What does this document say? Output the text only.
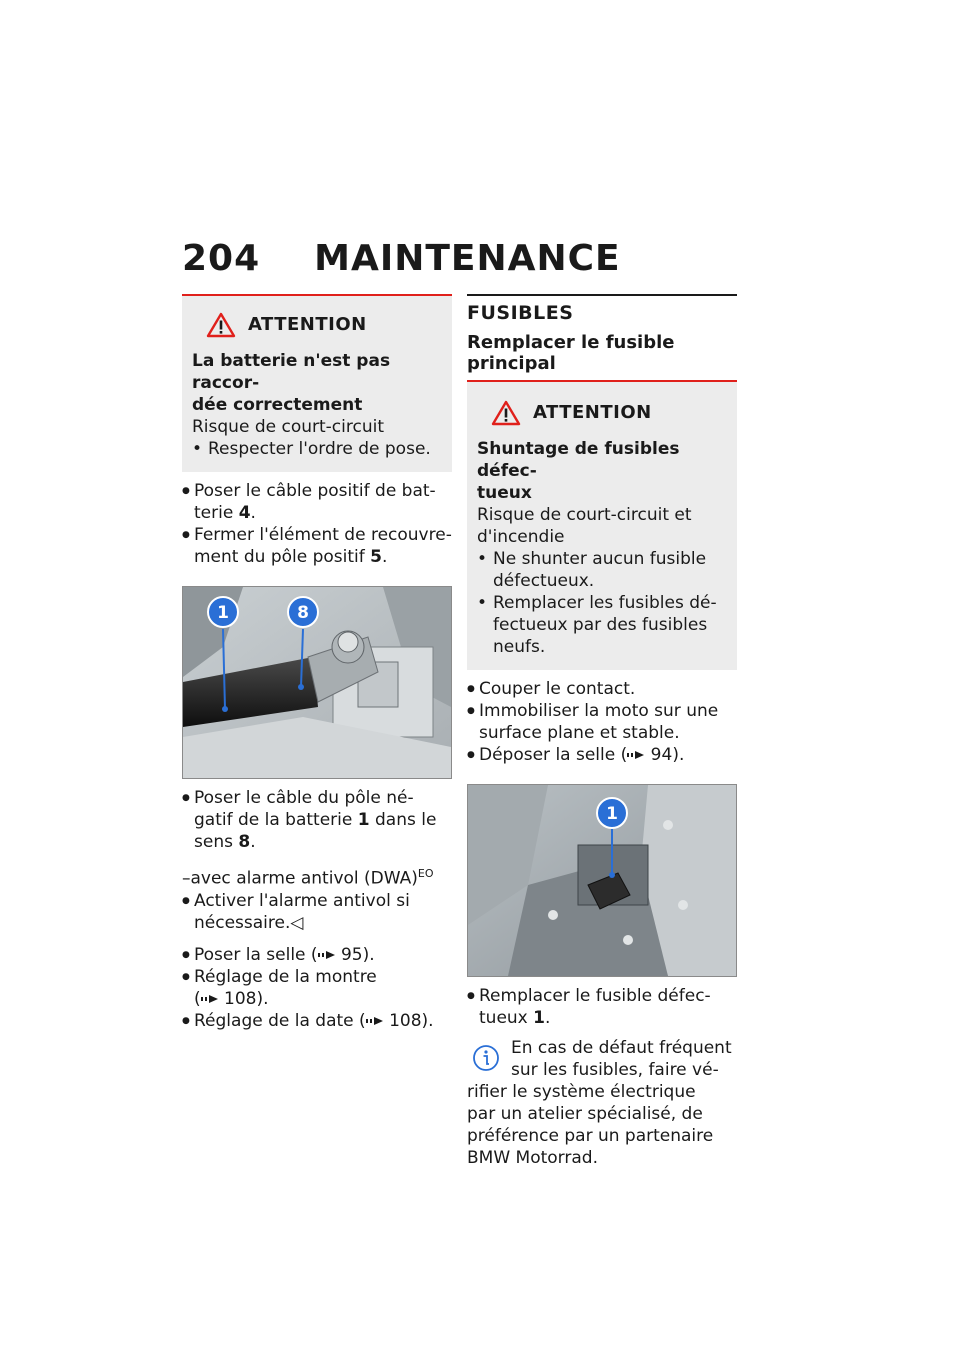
204 MAINTENANCE
ATTENTION
La batterie n'est pas raccor-
dée correctement
Risque de court-circuit
• Respecter l'ordre de pose.
● Poser le câble positif de bat-
terie 4.
● Fermer l'élément de recouvre-
ment du pôle positif 5.
1	8
● Poser le câble du pôle né-
gatif de la batterie 1 dans le
sens 8.
–avec alarme antivol (DWA)$^{EO}$
● Activer l'alarme antivol si
nécessaire.◁
● Poser la selle ( 95).
● Réglage de la montre
( 108).
● Réglage de la date ( 108).
FUSIBLES
Remplacer le fusible principal
ATTENTION
Shuntage de fusibles défec-
tueux
Risque de court-circuit et
d'incendie
• Ne shunter aucun fusible
défectueux.
• Remplacer les fusibles dé-
fectueux par des fusibles
neufs.
● Couper le contact.
● Immobiliser la moto sur une
surface plane et stable.
● Déposer la selle ( 94).
1
● Remplacer le fusible défec-
tueux 1.
En cas de défaut fréquent
sur les fusibles, faire vé-
rifier le système électrique
par un atelier spécialisé, de
préférence par un partenaire
BMW Motorrad.
